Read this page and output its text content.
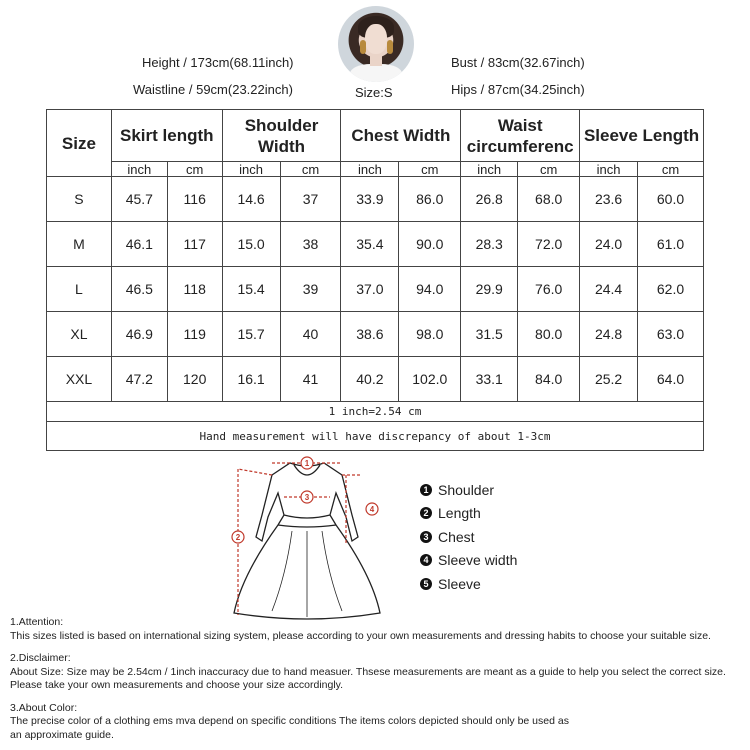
Height / 173cm(68.11inch)
Waistline / 59cm(23.22inch)
Bust / 83cm(32.67inch)
Hips / 87cm(34.25inch)
Size:S
Size	Skirt length		Shoulder Width		Chest Width		Waist circumferenc		Sleeve Length	
	inch	cm	inch	cm	inch	cm	inch	cm	inch	cm
S	45.7	116	14.6	37	33.9	86.0	26.8	68.0	23.6	60.0
M	46.1	117	15.0	38	35.4	90.0	28.3	72.0	24.0	61.0
L	46.5	118	15.4	39	37.0	94.0	29.9	76.0	24.4	62.0
XL	46.9	119	15.7	40	38.6	98.0	31.5	80.0	24.8	63.0
XXL	47.2	120	16.1	41	40.2	102.0	33.1	84.0	25.2	64.0
1 inch=2.54 cm										
Hand measurement will have discrepancy of about 1-3cm										
1
2
3
4
1 Shoulder
2 Length
3 Chest
4 Sleeve width
5 Sleeve

1.Attention:

This sizes listed is based on international sizing system, please according to your own measurements and dressing habits to choose your suitable size.

2.Disclaimer:

About Size: Size may be 2.54cm / 1inch inaccuracy due to hand measuer. Thsese measurements are meant as a guide to help you select the correct size.

Please take your own measurements and choose your size accordingly.

3.About Color:

The precise color of a clothing ems mva depend on specific conditions The items colors depicted should only be used as

an approximate guide.
